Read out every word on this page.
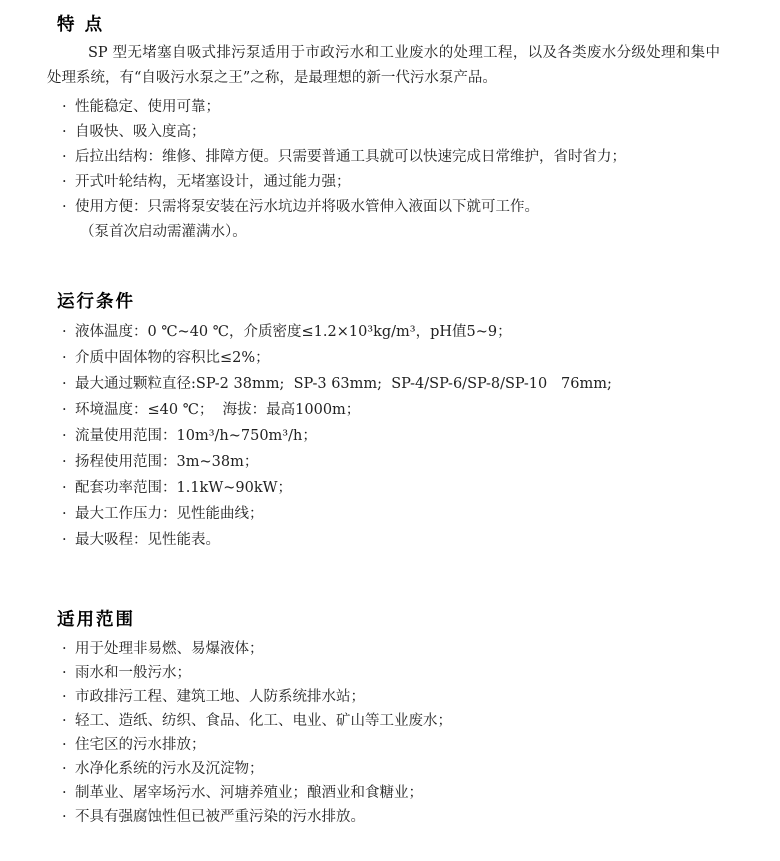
特 点

SP 型无堵塞自吸式排污泵适用于市政污水和工业废水的处理工程，以及各类废水分级处理和集中处理系统，有“自吸污水泵之王”之称，是最理想的新一代污水泵产品。

· 性能稳定、使用可靠；
· 自吸快、吸入度高；
· 后拉出结构：维修、排障方便。只需要普通工具就可以快速完成日常维护，省时省力；
· 开式叶轮结构，无堵塞设计，通过能力强；
· 使用方便：只需将泵安装在污水坑边并将吸水管伸入液面以下就可工作。

（泵首次启动需灌满水）。

运行条件
· 液体温度：0 ℃~40 ℃，介质密度≤1.2×10³kg/m³，pH值5~9；
· 介质中固体物的容积比≤2%；
· 最大通过颗粒直径:SP-2 38mm;  SP-3 63mm;  SP-4/SP-6/SP-8/SP-10   76mm;
· 环境温度：≤40 ℃；  海拔：最高1000m；
· 流量使用范围：10m³/h~750m³/h；
· 扬程使用范围：3m~38m；
· 配套功率范围：1.1kW~90kW；
· 最大工作压力：见性能曲线；
· 最大吸程：见性能表。
适用范围
· 用于处理非易燃、易爆液体；
· 雨水和一般污水；
· 市政排污工程、建筑工地、人防系统排水站；
· 轻工、造纸、纺织、食品、化工、电业、矿山等工业废水；
· 住宅区的污水排放；
· 水净化系统的污水及沉淀物；
· 制革业、屠宰场污水、河塘养殖业；酿酒业和食糖业；
· 不具有强腐蚀性但已被严重污染的污水排放。
